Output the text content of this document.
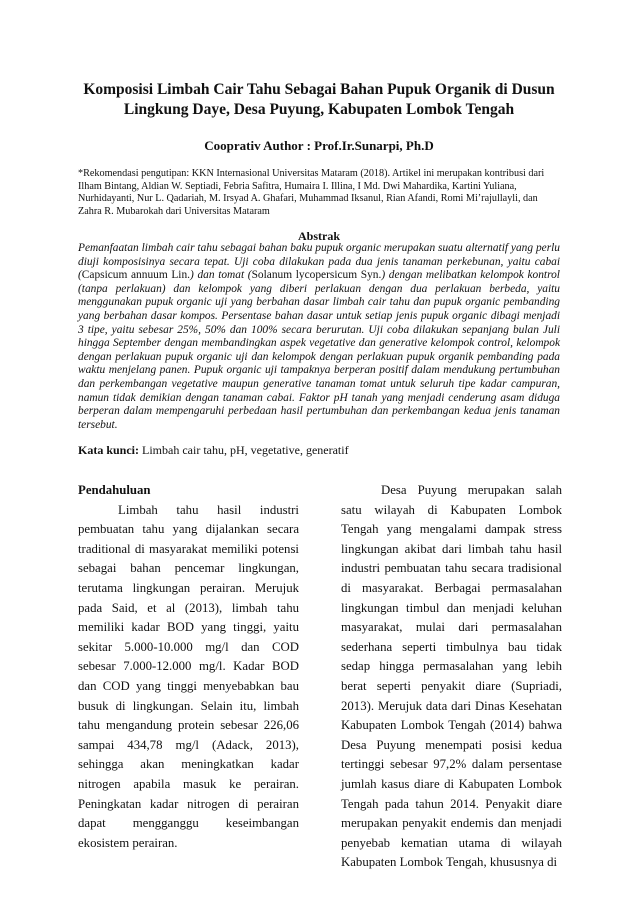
Komposisi Limbah Cair Tahu Sebagai Bahan Pupuk Organik di Dusun Lingkung Daye, Desa Puyung, Kabupaten Lombok Tengah
Cooprativ Author : Prof.Ir.Sunarpi, Ph.D
*Rekomendasi pengutipan: KKN Internasional Universitas Mataram (2018). Artikel ini merupakan kontribusi dari Ilham Bintang, Aldian W. Septiadi, Febria Safitra, Humaira I. Illina, I Md. Dwi Mahardika, Kartini Yuliana, Nurhidayanti, Nur L. Qadariah, M. Irsyad A. Ghafari, Muhammad Iksanul, Rian Afandi, Romi Mi’rajullayli, dan Zahra R. Mubarokah dari Universitas Mataram
Abstrak
Pemanfaatan limbah cair tahu sebagai bahan baku pupuk organic merupakan suatu alternatif yang perlu diuji komposisinya secara tepat. Uji coba dilakukan pada dua jenis tanaman perkebunan, yaitu cabai (Capsicum annuum Lin.) dan tomat (Solanum lycopersicum Syn.) dengan melibatkan kelompok kontrol (tanpa perlakuan) dan kelompok yang diberi perlakuan dengan dua perlakuan berbeda, yaitu menggunakan pupuk organic uji yang berbahan dasar limbah cair tahu dan pupuk organic pembanding yang berbahan dasar kompos. Persentase bahan dasar untuk setiap jenis pupuk organic dibagi menjadi 3 tipe, yaitu sebesar 25%, 50% dan 100% secara berurutan. Uji coba dilakukan sepanjang bulan Juli hingga September dengan membandingkan aspek vegetative dan generative kelompok control, kelompok dengan perlakuan pupuk organic uji dan kelompok dengan perlakuan pupuk organik pembanding pada waktu menjelang panen. Pupuk organic uji tampaknya berperan positif dalam mendukung pertumbuhan dan perkembangan vegetative maupun generative tanaman tomat untuk seluruh tipe kadar campuran, namun tidak demikian dengan tanaman cabai. Faktor pH tanah yang menjadi cenderung asam diduga berperan dalam mempengaruhi perbedaan hasil pertumbuhan dan perkembangan kedua jenis tanaman tersebut.
Kata kunci: Limbah cair tahu, pH, vegetative, generatif
Pendahuluan

Limbah tahu hasil industri pembuatan tahu yang dijalankan secara traditional di masyarakat memiliki potensi sebagai bahan pencemar lingkungan, terutama lingkungan perairan. Merujuk pada Said, et al (2013), limbah tahu memiliki kadar BOD yang tinggi, yaitu sekitar 5.000-10.000 mg/l dan COD sebesar 7.000-12.000 mg/l. Kadar BOD dan COD yang tinggi menyebabkan bau busuk di lingkungan. Selain itu, limbah tahu mengandung protein sebesar 226,06 sampai 434,78 mg/l (Adack, 2013), sehingga akan meningkatkan kadar nitrogen apabila masuk ke perairan. Peningkatan kadar nitrogen di perairan dapat mengganggu keseimbangan ekosistem perairan.

Desa Puyung merupakan salah satu wilayah di Kabupaten Lombok Tengah yang mengalami dampak stress lingkungan akibat dari limbah tahu hasil industri pembuatan tahu secara tradisional di masyarakat. Berbagai permasalahan lingkungan timbul dan menjadi keluhan masyarakat, mulai dari permasalahan sederhana seperti timbulnya bau tidak sedap hingga permasalahan yang lebih berat seperti penyakit diare (Supriadi, 2013). Merujuk data dari Dinas Kesehatan Kabupaten Lombok Tengah (2014) bahwa Desa Puyung menempati posisi kedua tertinggi sebesar 97,2% dalam persentase jumlah kasus diare di Kabupaten Lombok Tengah pada tahun 2014. Penyakit diare merupakan penyakit endemis dan menjadi penyebab kematian utama di wilayah Kabupaten Lombok Tengah, khususnya di
